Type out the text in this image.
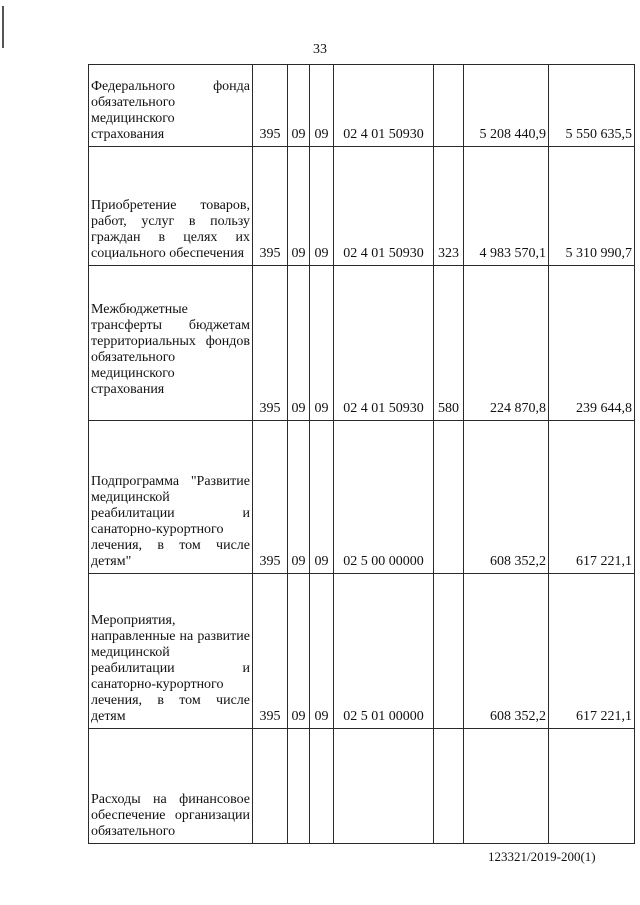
33
Федерального фонда обязательного медицинского страхования	395	09	09	02 4 01 50930		5 208 440,9	5 550 635,5
Приобретение товаров, работ, услуг в пользу граждан в целях их социального обеспечения	395	09	09	02 4 01 50930	323	4 983 570,1	5 310 990,7
Межбюджетные трансферты бюджетам территориальных фондов обязательного медицинского страхования	395	09	09	02 4 01 50930	580	224 870,8	239 644,8
Подпрограмма "Развитие медицинской реабилитации и санаторно-курортного лечения, в том числе детям"	395	09	09	02 5 00 00000		608 352,2	617 221,1
Мероприятия, направленные на развитие медицинской реабилитации и санаторно-курортного лечения, в том числе детям	395	09	09	02 5 01 00000		608 352,2	617 221,1
Расходы на финансовое обеспечение организации обязательного							
123321/2019-200(1)
